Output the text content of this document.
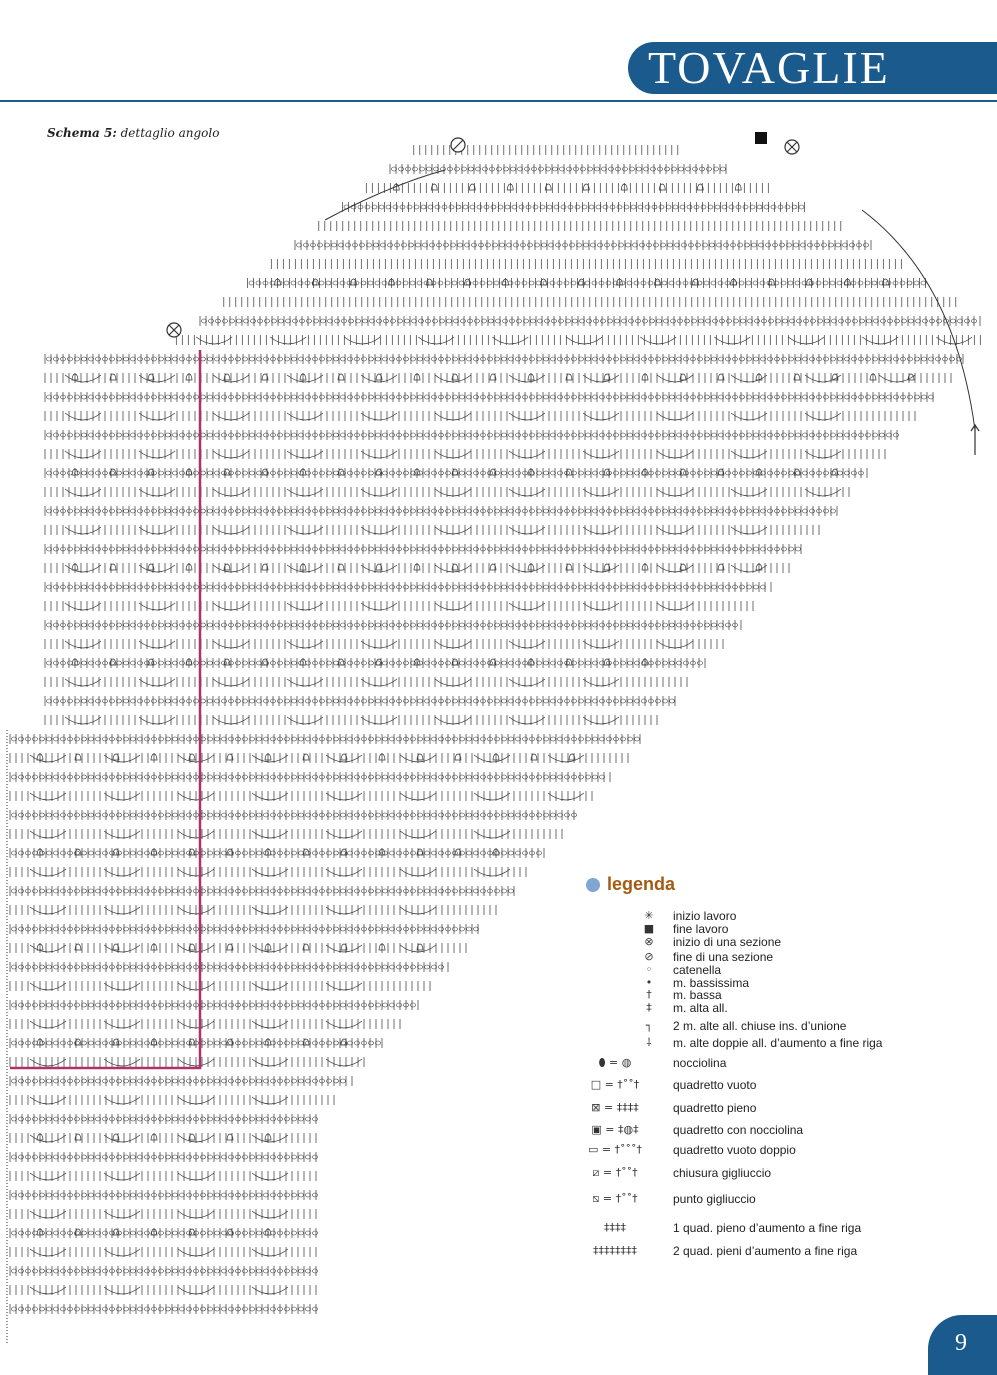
TOVAGLIE
Schema 5: dettaglio angolo
legenda
✳	inizio lavoro
■	fine lavoro
⊗	inizio di una sezione
⊘	fine di una sezione
◦	catenella
•	m. bassissima
†	m. bassa
‡	m. alta all.
┐	2 m. alte all. chiuse ins. d’unione
⸸	m. alte doppie all. d’aumento a fine riga
⬮ = ◍	nocciolina
□ = †˚˚†	quadretto vuoto
⊠ = ‡‡‡‡	quadretto pieno
▣ = ‡◍‡	quadretto con nocciolina
▭ = †˚˚˚†	quadretto vuoto doppio
⧄ = †˚˚†	chiusura gigliuccio
⧅ = †˚˚†	punto gigliuccio
‡‡‡‡	1 quad. pieno d’aumento a fine riga
‡‡‡‡‡‡‡‡	2 quad. pieni d’aumento a fine riga
9
